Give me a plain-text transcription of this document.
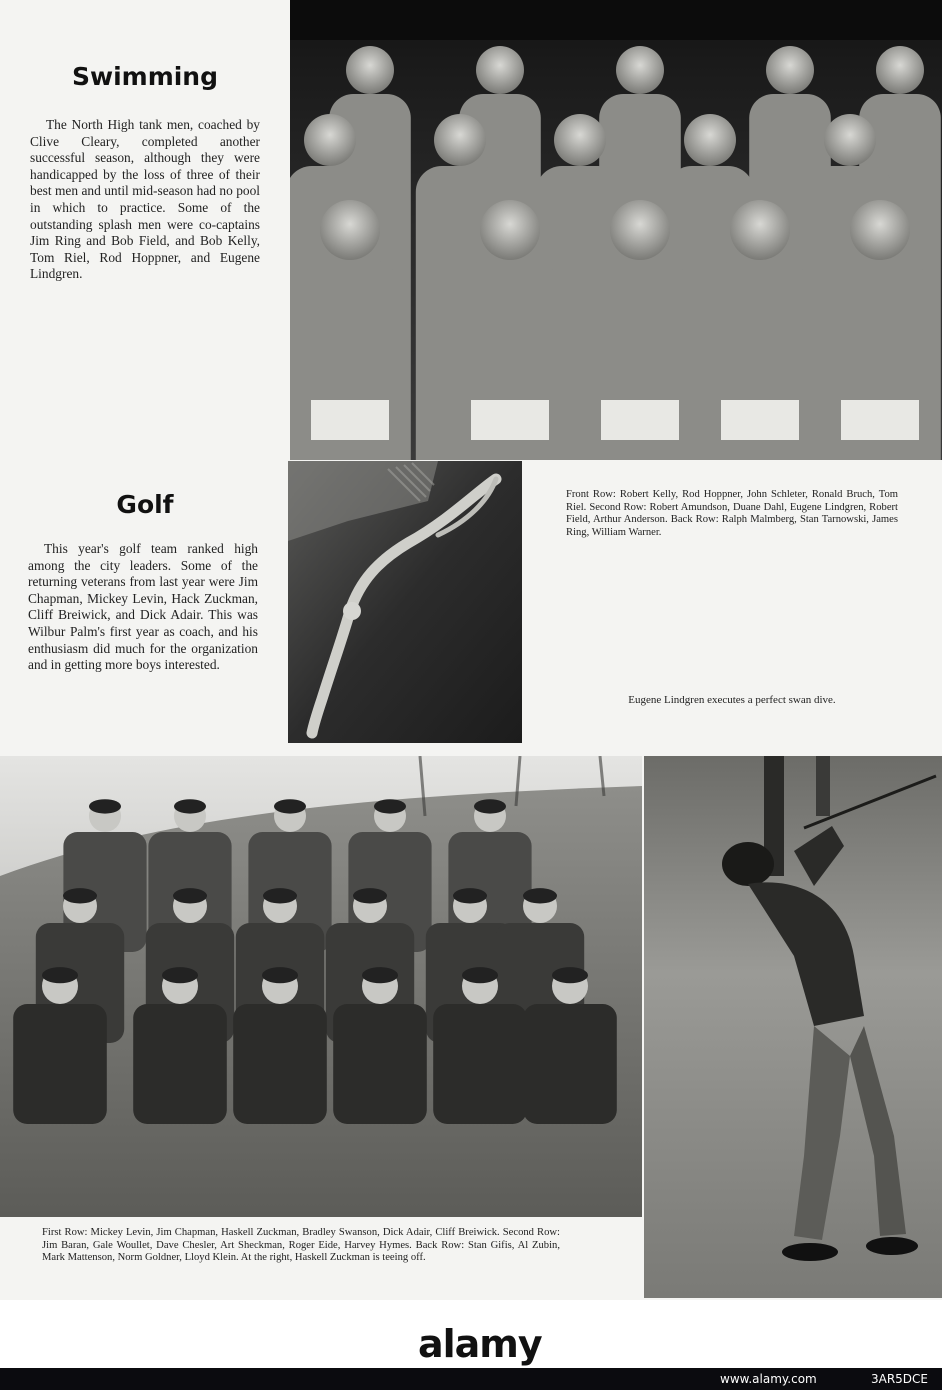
Swimming

The North High tank men, coached by Clive Cleary, completed another successful season, although they were handicapped by the loss of three of their best men and until mid-season had no pool in which to practice. Some of the outstanding splash men were co-captains Jim Ring and Bob Field, and Bob Kelly, Tom Riel, Rod Hoppner, and Eugene Lindgren.

Golf

This year's golf team ranked high among the city leaders. Some of the returning veterans from last year were Jim Chapman, Mickey Levin, Hack Zuckman, Cliff Breiwick, and Dick Adair. This was Wilbur Palm's first year as coach, and his enthusiasm did much for the organization and in getting more boys interested.

Front Row: Robert Kelly, Rod Hoppner, John Schleter, Ronald Bruch, Tom Riel. Second Row: Robert Amundson, Duane Dahl, Eugene Lindgren, Robert Field, Arthur Anderson. Back Row: Ralph Malmberg, Stan Tarnowski, James Ring, William Warner.

Eugene Lindgren executes a perfect swan dive.

First Row: Mickey Levin, Jim Chapman, Haskell Zuckman, Bradley Swanson, Dick Adair, Cliff Breiwick. Second Row: Jim Baran, Gale Woullet, Dave Chesler, Art Sheckman, Roger Eide, Harvey Hymes. Back Row: Stan Gifis, Al Zubin, Mark Mattenson, Norm Goldner, Lloyd Klein. At the right, Haskell Zuckman is teeing off.

alamy
3AR5DCE
www.alamy.com
